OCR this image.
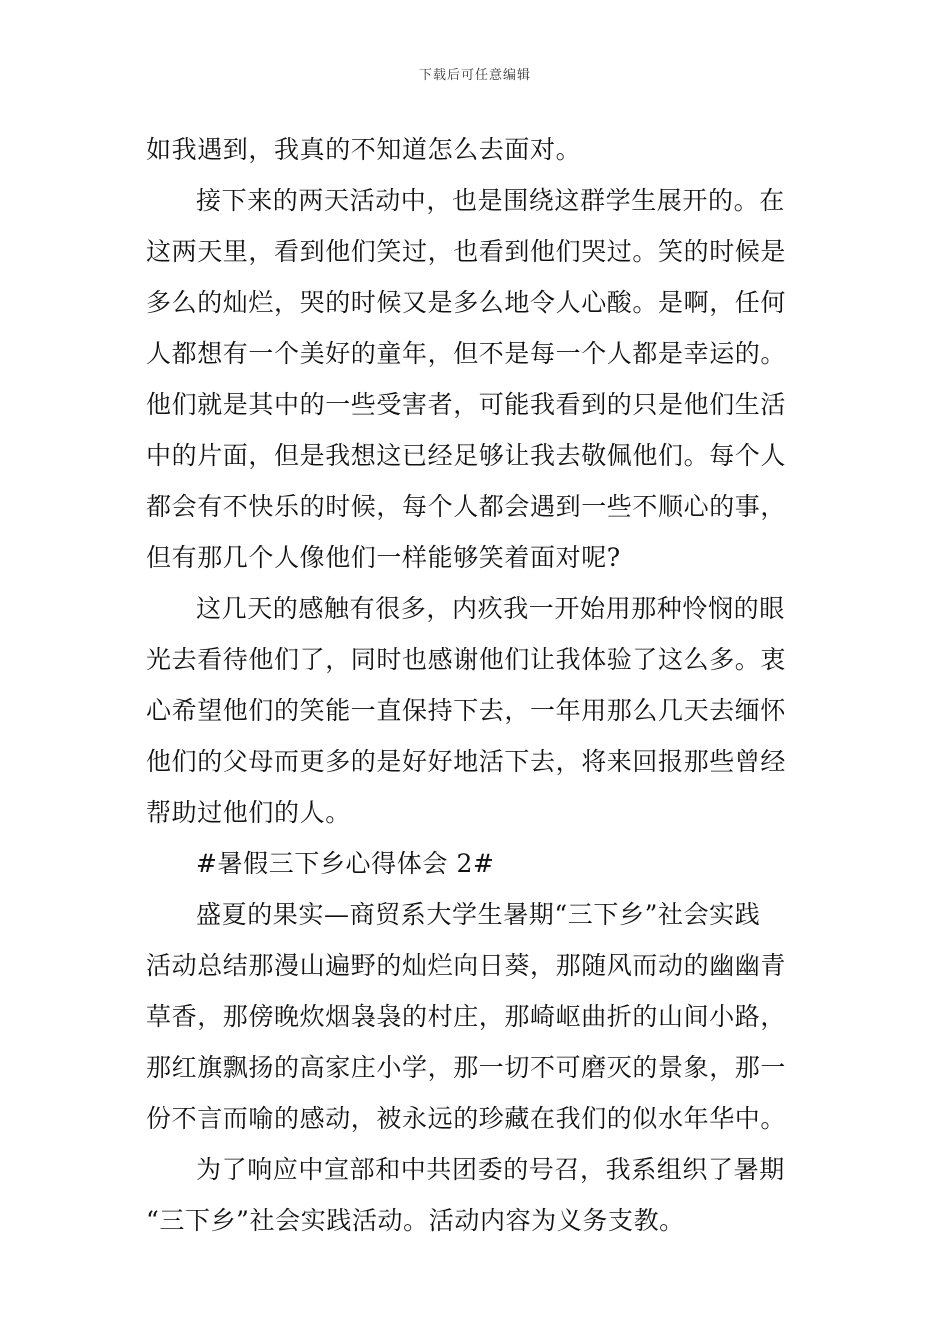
下载后可任意编辑
如我遇到，我真的不知道怎么去面对。
接下来的两天活动中，也是围绕这群学生展开的。在
这两天里，看到他们笑过，也看到他们哭过。笑的时候是
多么的灿烂，哭的时候又是多么地令人心酸。是啊，任何
人都想有一个美好的童年，但不是每一个人都是幸运的。
他们就是其中的一些受害者，可能我看到的只是他们生活
中的片面，但是我想这已经足够让我去敬佩他们。每个人
都会有不快乐的时候，每个人都会遇到一些不顺心的事，
但有那几个人像他们一样能够笑着面对呢?
这几天的感触有很多，内疚我一开始用那种怜悯的眼
光去看待他们了，同时也感谢他们让我体验了这么多。衷
心希望他们的笑能一直保持下去，一年用那么几天去缅怀
他们的父母而更多的是好好地活下去，将来回报那些曾经
帮助过他们的人。
#暑假三下乡心得体会 2#
盛夏的果实—商贸系大学生暑期“三下乡”社会实践
活动总结那漫山遍野的灿烂向日葵，那随风而动的幽幽青
草香，那傍晚炊烟袅袅的村庄，那崎岖曲折的山间小路，
那红旗飘扬的高家庄小学，那一切不可磨灭的景象，那一
份不言而喻的感动，被永远的珍藏在我们的似水年华中。
为了响应中宣部和中共团委的号召，我系组织了暑期
“三下乡”社会实践活动。活动内容为义务支教。
